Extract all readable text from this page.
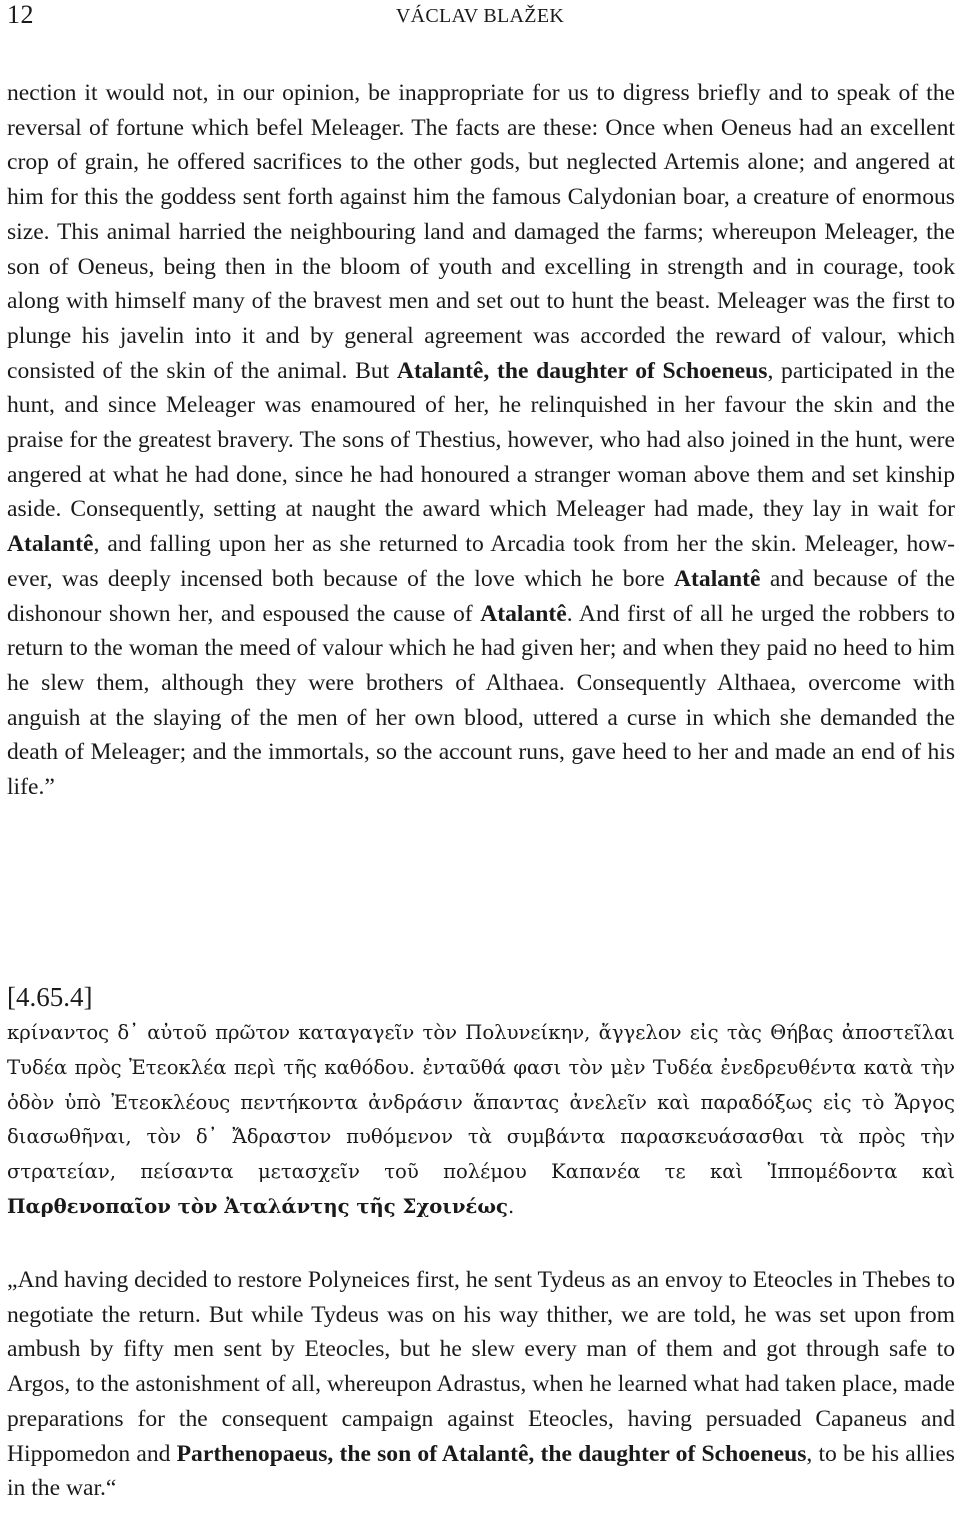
12	VÁCLAV BLAŽEK

nection it would not, in our opinion, be inappropriate for us to digress briefly and to speak of the reversal of fortune which befel Meleager. The facts are these: Once when Oeneus had an excellent crop of grain, he offered sacrifices to the other gods, but neglected Artemis alone; and angered at him for this the goddess sent forth against him the famous Calydonian boar, a creature of enormous size. This animal harried the neighbouring land and damaged the farms; whereupon Meleager, the son of Oeneus, being then in the bloom of youth and excelling in strength and in courage, took along with himself many of the bravest men and set out to hunt the beast. Meleager was the first to plunge his javelin into it and by general agreement was accorded the reward of valour, which consisted of the skin of the animal. But Atalantê, the daughter of Schoeneus, participated in the hunt, and since Meleager was enamoured of her, he relinquished in her favour the skin and the praise for the greatest bravery. The sons of Thestius, however, who had also joined in the hunt, were angered at what he had done, since he had honoured a stranger woman above them and set kinship aside. Consequently, setting at naught the award which Meleager had made, they lay in wait for Atalantê, and falling upon her as she returned to Arcadia took from her the skin. Meleager, however, was deeply incensed both because of the love which he bore Atalantê and because of the dishonour shown her, and espoused the cause of Atalantê. And first of all he urged the robbers to return to the woman the meed of valour which he had given her; and when they paid no heed to him he slew them, although they were brothers of Althaea. Consequently Althaea, overcome with anguish at the slaying of the men of her own blood, uttered a curse in which she demanded the death of Meleager; and the immortals, so the account runs, gave heed to her and made an end of his life.”

[4.65.4]

κρίναντος δ᾽ αὐτοῦ πρῶτον καταγαγεῖν τὸν Πολυνείκην, ἄγγελον εἰς τὰς Θήβας ἀποστεῖλαι Τυδέα πρὸς Ἐτεοκλέα περὶ τῆς καθόδου. ἐνταῦθά φασι τὸν μὲν Τυδέα ἐνεδρευθέντα κατὰ τὴν ὁδὸν ὑπὸ Ἐτεοκλέους πεντήκοντα ἀνδράσιν ἅπαντας ἀνελεῖν καὶ παραδόξως εἰς τὸ Ἄργος διασωθῆναι, τὸν δ᾽ Ἄδραστον πυθόμενον τὰ συμβάντα παρασκευάσασθαι τὰ πρὸς τὴν στρατείαν, πείσαντα μετασχεῖν τοῦ πολέμου Καπανέα τε καὶ Ἱππομέδοντα καὶ Παρθενοπαῖον τὸν Ἀταλάντης τῆς Σχοινέως.

„And having decided to restore Polyneices first, he sent Tydeus as an envoy to Eteocles in Thebes to negotiate the return. But while Tydeus was on his way thither, we are told, he was set upon from ambush by fifty men sent by Eteocles, but he slew every man of them and got through safe to Argos, to the astonishment of all, whereupon Adrastus, when he learned what had taken place, made preparations for the consequent campaign against Eteocles, having persuaded Capaneus and Hippomedon and Parthenopaeus, the son of Atalantê, the daughter of Schoeneus, to be his allies in the war.“
